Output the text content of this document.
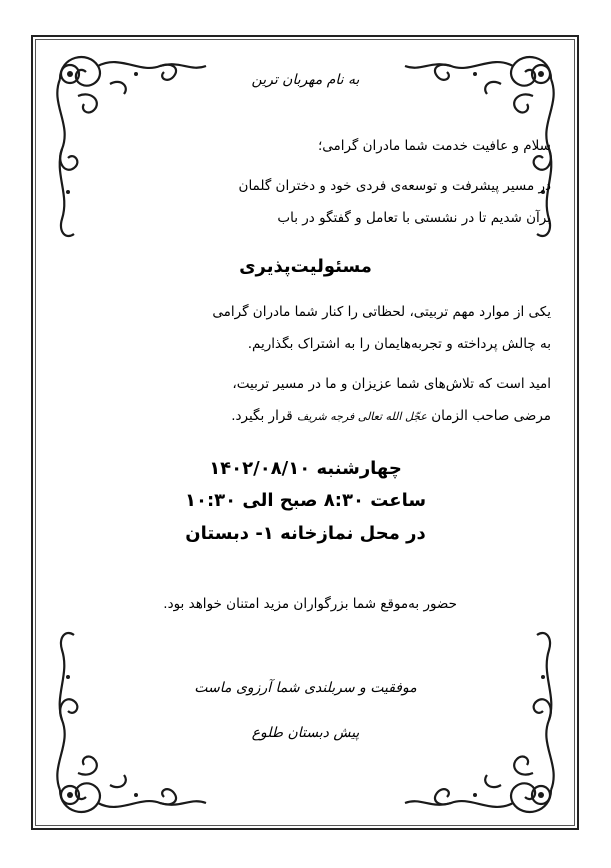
به نام مهربان ترین
سلام و عافیت خدمت شما مادران گرامی؛
در مسیر پیشرفت و توسعه‌ی فردی خود و دختران گلمان
برآن شدیم تا در نشستی با تعامل و گفتگو در باب
مسئولیت‌پذیری
یکی از موارد مهم تربیتی، لحظاتی را کنار شما مادران گرامی
به چالش پرداخته و تجربه‌هایمان را به اشتراک بگذاریم.
امید است که تلاش‌های شما عزیزان و ما در مسیر تربیت،
مرضی صاحب الزمان عجّل الله تعالی فرجه شریف قرار بگیرد.
چهارشنبه ۱۴۰۲/۰۸/۱۰
ساعت ۸:۳۰ صبح الی ۱۰:۳۰
در محل نمازخانه ۱- دبستان
حضور به‌موقع شما بزرگواران مزید امتنان خواهد بود.
موفقیت و سربلندی شما آرزوی ماست
پیش دبستان طلوع
